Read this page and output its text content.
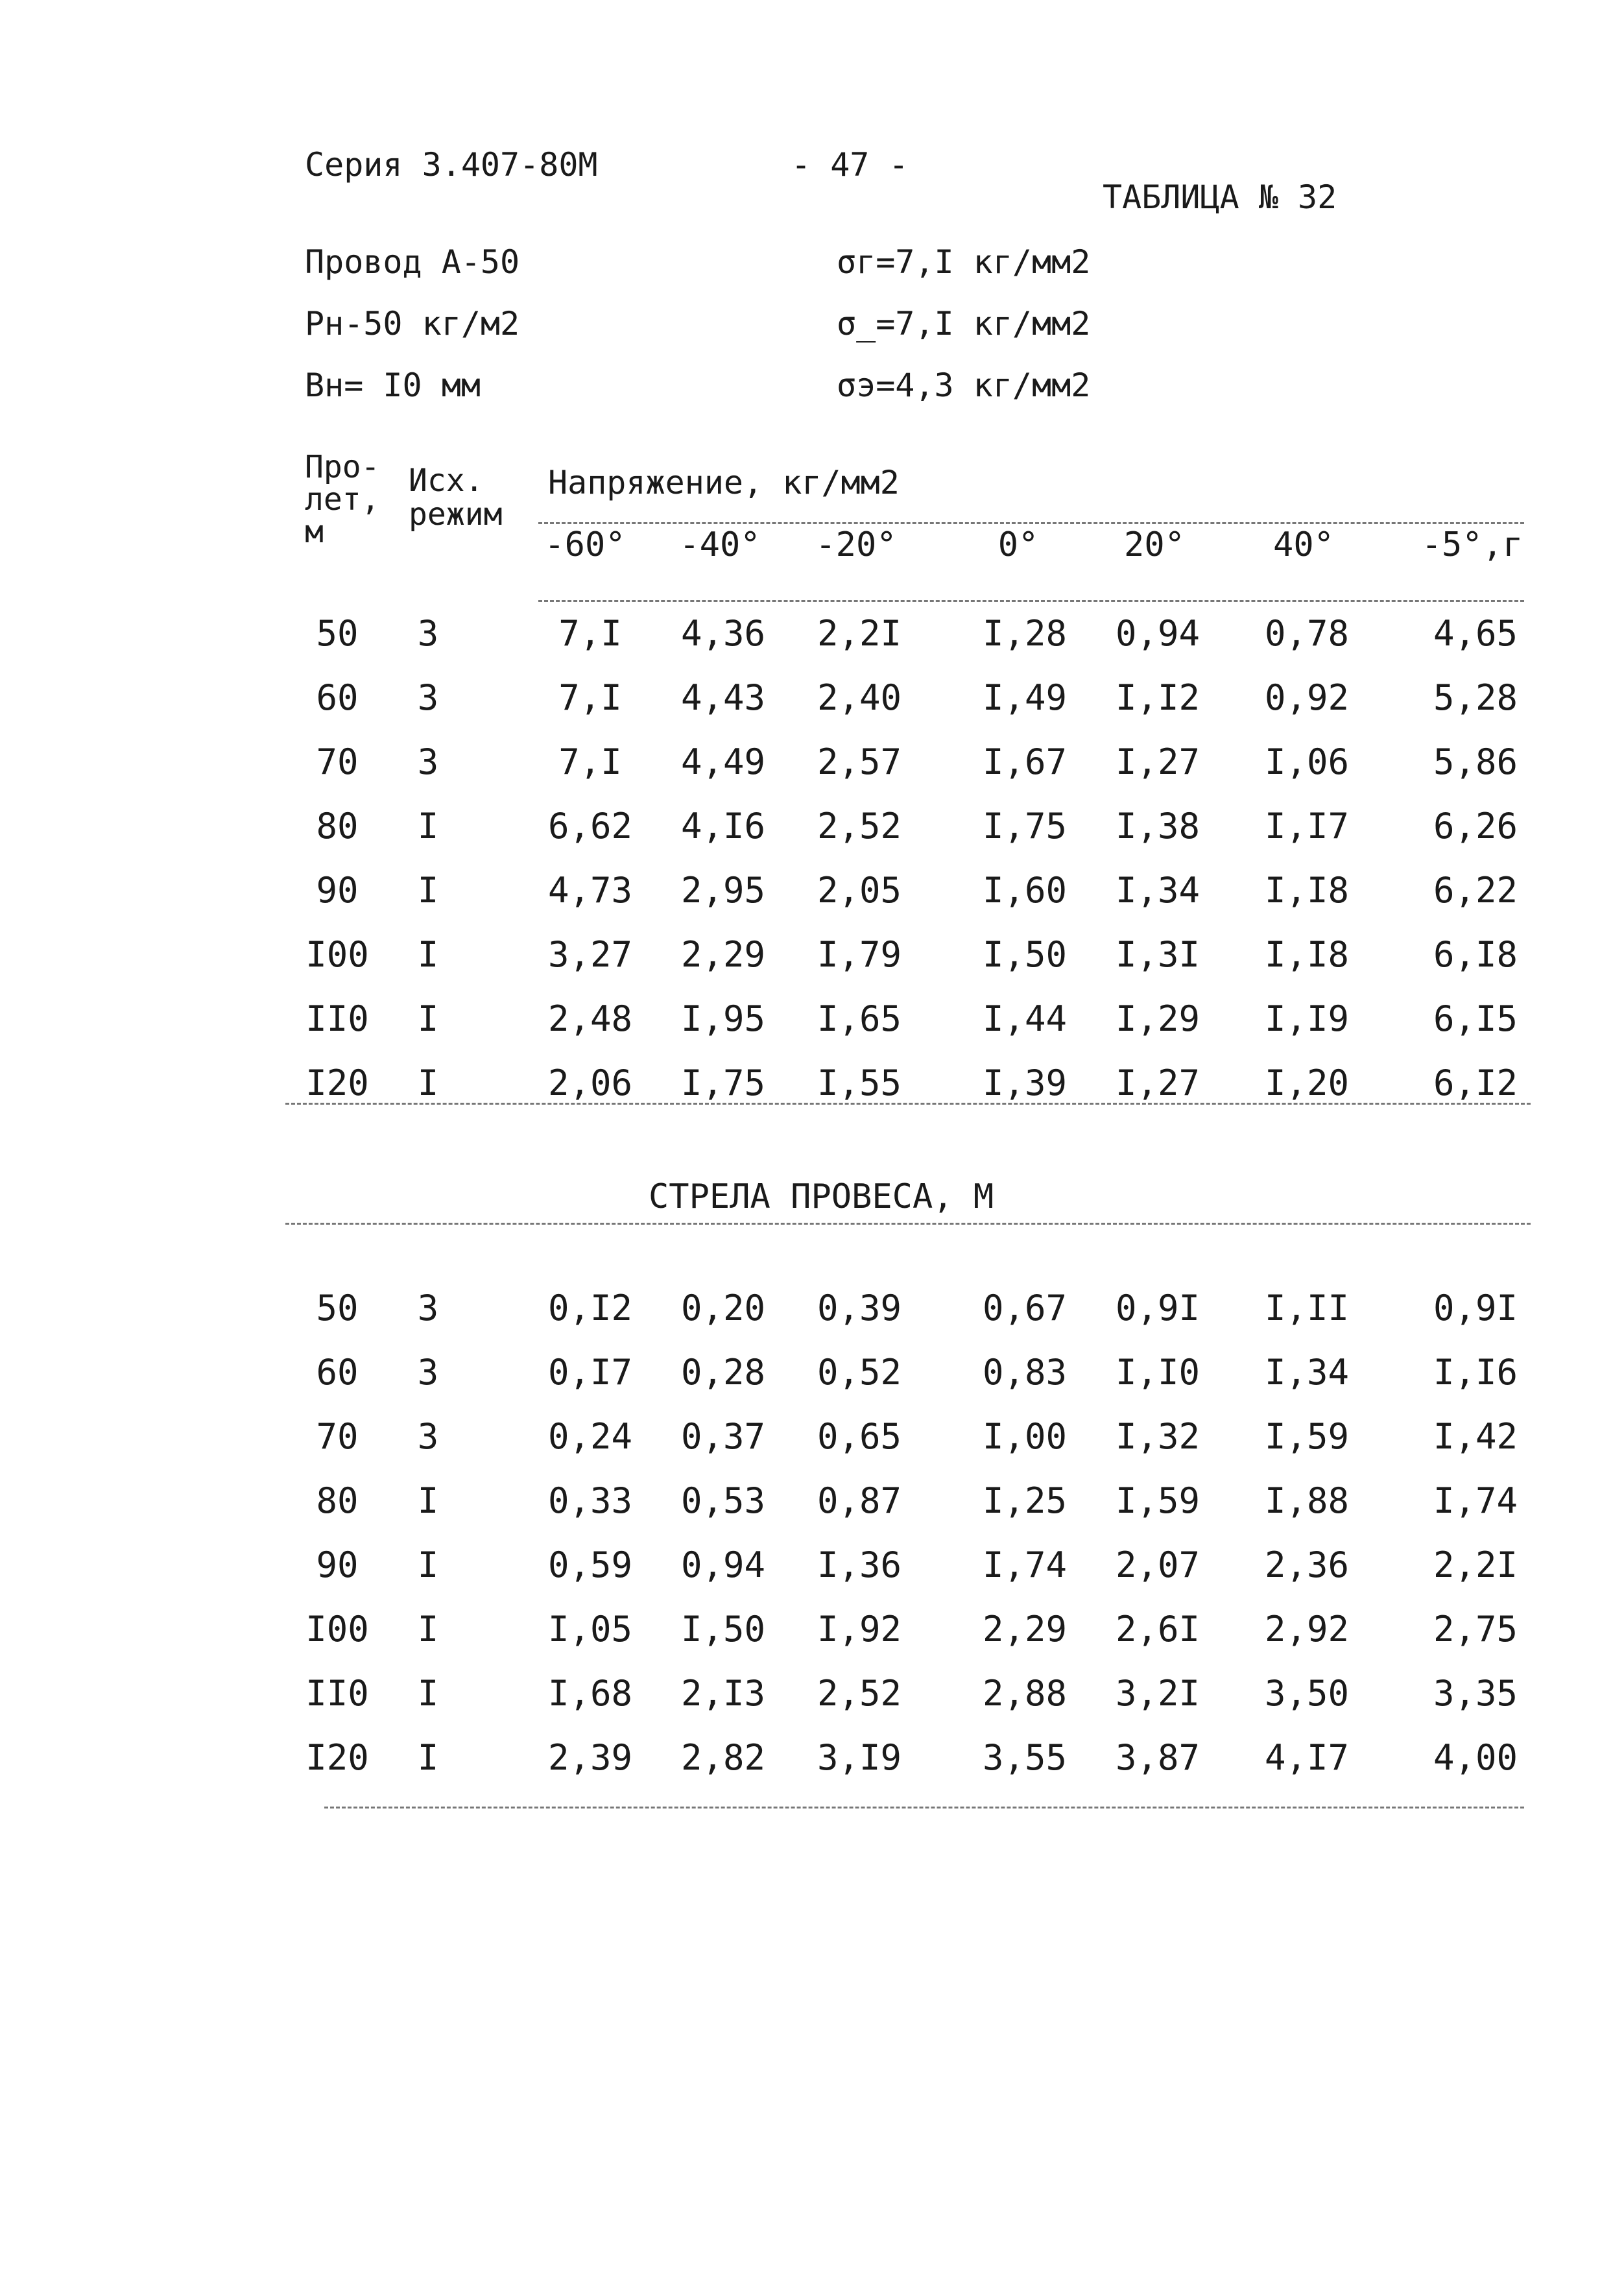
Серия 3.407-80М	- 47 -
ТАБЛИЦА № 32
Провод А-50
Рн-50 кг/м2
Вн= I0 мм
σг=7,I кг/мм2
σ_=7,I кг/мм2
σэ=4,3 кг/мм2
Про-
лет,
м
Исх.
режим
Напряжение, кг/мм2
-60°	-40°	-20°	0°	20°	40°	-5°,г
50	3	7,I	4,36	2,2I	I,28	0,94	0,78	4,65
60	3	7,I	4,43	2,40	I,49	I,I2	0,92	5,28
70	3	7,I	4,49	2,57	I,67	I,27	I,06	5,86
80	I	6,62	4,I6	2,52	I,75	I,38	I,I7	6,26
90	I	4,73	2,95	2,05	I,60	I,34	I,I8	6,22
I00	I	3,27	2,29	I,79	I,50	I,3I	I,I8	6,I8
II0	I	2,48	I,95	I,65	I,44	I,29	I,I9	6,I5
I20	I	2,06	I,75	I,55	I,39	I,27	I,20	6,I2
СТРЕЛА ПРОВЕСА, М
50	3	0,I2	0,20	0,39	0,67	0,9I	I,II	0,9I
60	3	0,I7	0,28	0,52	0,83	I,I0	I,34	I,I6
70	3	0,24	0,37	0,65	I,00	I,32	I,59	I,42
80	I	0,33	0,53	0,87	I,25	I,59	I,88	I,74
90	I	0,59	0,94	I,36	I,74	2,07	2,36	2,2I
I00	I	I,05	I,50	I,92	2,29	2,6I	2,92	2,75
II0	I	I,68	2,I3	2,52	2,88	3,2I	3,50	3,35
I20	I	2,39	2,82	3,I9	3,55	3,87	4,I7	4,00
